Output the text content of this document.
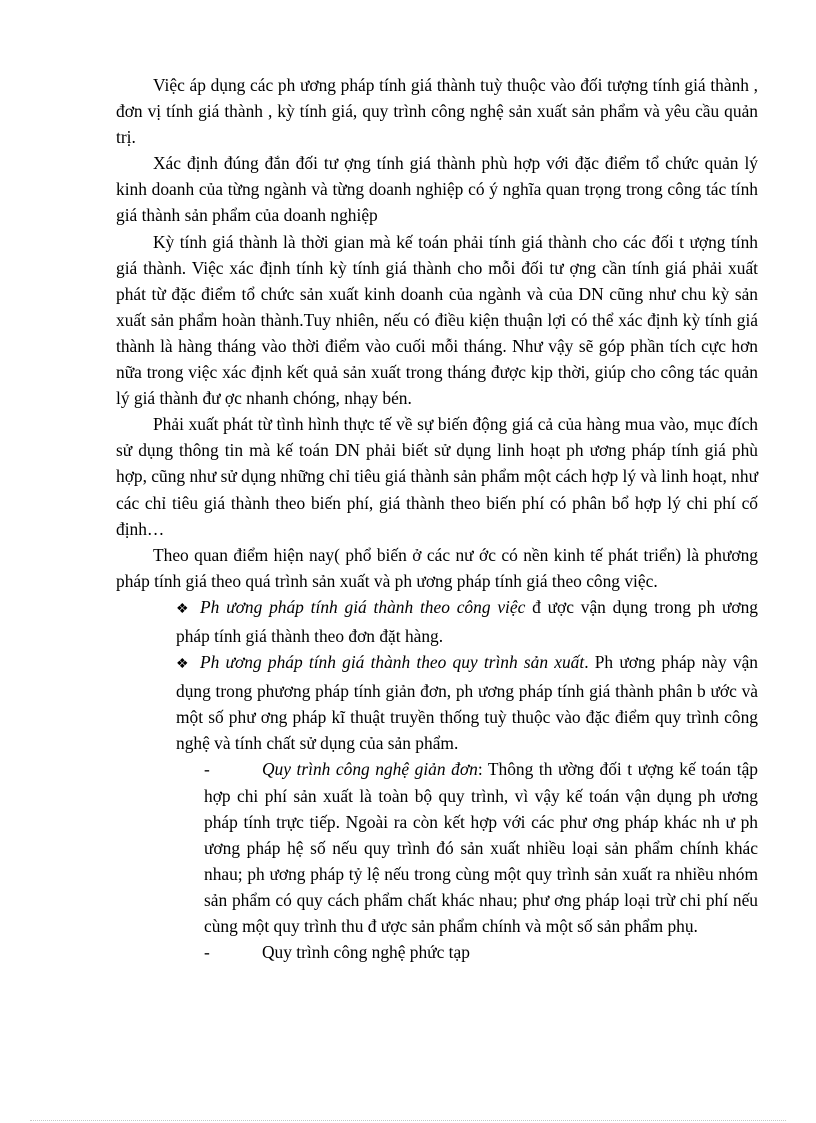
Việc áp dụng các ph ương pháp tính giá thành tuỳ thuộc vào đối tượng tính giá thành , đơn vị tính giá thành , kỳ tính giá, quy trình công nghệ sản xuất sản phẩm và yêu cầu quản trị.

Xác định đúng đắn đối tư ợng tính giá thành phù hợp với đặc điểm tổ chức quản lý kinh doanh của từng ngành và từng doanh nghiệp có ý nghĩa quan trọng trong công tác tính giá thành sản phẩm của doanh nghiệp

Kỳ tính giá thành là thời gian mà kế toán phải tính giá thành cho các đối t ượng tính giá thành. Việc xác định tính kỳ tính giá thành cho mỗi đối tư ợng cần tính giá phải xuất phát từ đặc điểm tổ chức sản xuất kinh doanh của ngành và của DN cũng như chu kỳ sản xuất sản phẩm hoàn thành.Tuy nhiên, nếu có điều kiện thuận lợi có thể xác định kỳ tính giá thành là hàng tháng vào thời điểm vào cuối mỗi tháng. Như vậy sẽ góp phần tích cực hơn nữa trong việc xác định kết quả sản xuất trong tháng được kịp thời, giúp cho công tác quản lý giá thành đư ợc nhanh chóng, nhạy bén.

Phải xuất phát từ tình hình thực tế về sự biến động giá cả của hàng mua vào, mục đích sử dụng thông tin mà kế toán DN phải biết sử dụng linh hoạt ph ương pháp tính giá phù hợp, cũng như sử dụng những chỉ tiêu giá thành sản phẩm một cách hợp lý và linh hoạt, như các chỉ tiêu giá thành theo biến phí, giá thành theo biến phí có phân bổ hợp lý chi phí cố định…

Theo quan điểm hiện nay( phổ biến ở các nư ớc có nền kinh tế phát triển) là phương pháp tính giá theo quá trình sản xuất và ph ương pháp tính giá theo công việc.

❖ Ph ương pháp tính giá thành theo công việc đ ược vận dụng trong ph ương pháp tính giá thành theo đơn đặt hàng.

❖ Ph ương pháp tính giá thành theo quy trình sản xuất. Ph ương pháp này vận dụng trong phương pháp tính giản đơn, ph ương pháp tính giá thành phân b ước và một số phư ơng pháp kĩ thuật truyền thống tuỳ thuộc vào đặc điểm quy trình công nghệ và tính chất sử dụng của sản phẩm.

-	Quy trình công nghệ giản đơn: Thông th ường đối t ượng kế toán tập hợp chi phí sản xuất là toàn bộ quy trình, vì vậy kế toán vận dụng ph ương pháp tính trực tiếp. Ngoài ra còn kết hợp với các phư ơng pháp khác nh ư ph ương pháp hệ số nếu quy trình đó sản xuất nhiều loại sản phẩm chính khác nhau; ph ương pháp tỷ lệ nếu trong cùng một quy trình sản xuất ra nhiều nhóm sản phẩm có quy cách phẩm chất khác nhau; phư ơng pháp loại trừ chi phí nếu cùng một quy trình thu đ ược sản phẩm chính và một số sản phẩm phụ.

-	Quy trình công nghệ phức tạp
